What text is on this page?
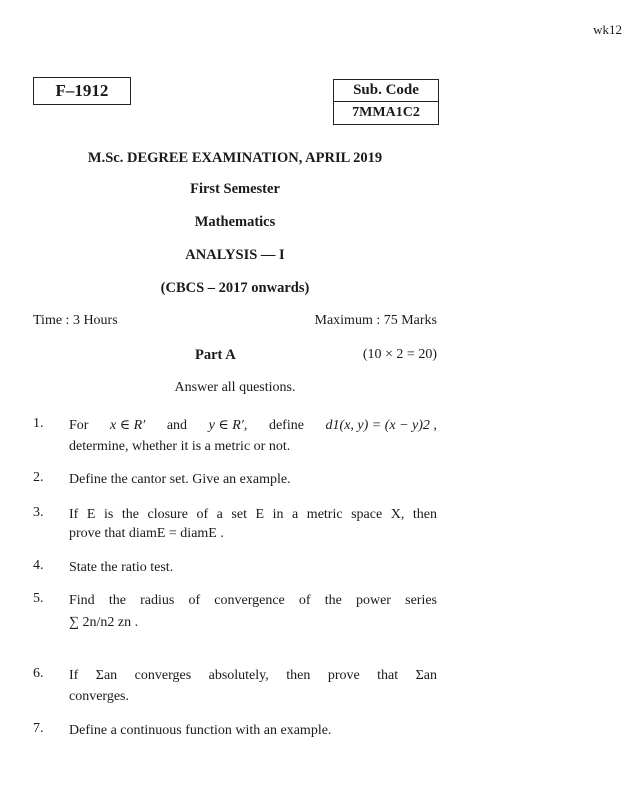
wk12
F–1912	Sub. Code
7MMA1C2
M.Sc. DEGREE EXAMINATION, APRIL 2019
First Semester
Mathematics
ANALYSIS — I
(CBCS – 2017 onwards)
Time : 3 Hours	Maximum : 75 Marks
Part A	(10 × 2 = 20)
Answer all questions.
1. For x ∈ R′ and y ∈ R′, define d1(x, y) = (x − y)2 ,
determine, whether it is a metric or not.
2. Define the cantor set. Give an example.
3. If E is the closure of a set E in a metric space X, then
prove that diamE = diamE .
4. State the ratio test.
5. Find the radius of convergence of the power series
∑ 2n/n2 zn .
6. If Σan converges absolutely, then prove that Σan
converges.
7. Define a continuous function with an example.
